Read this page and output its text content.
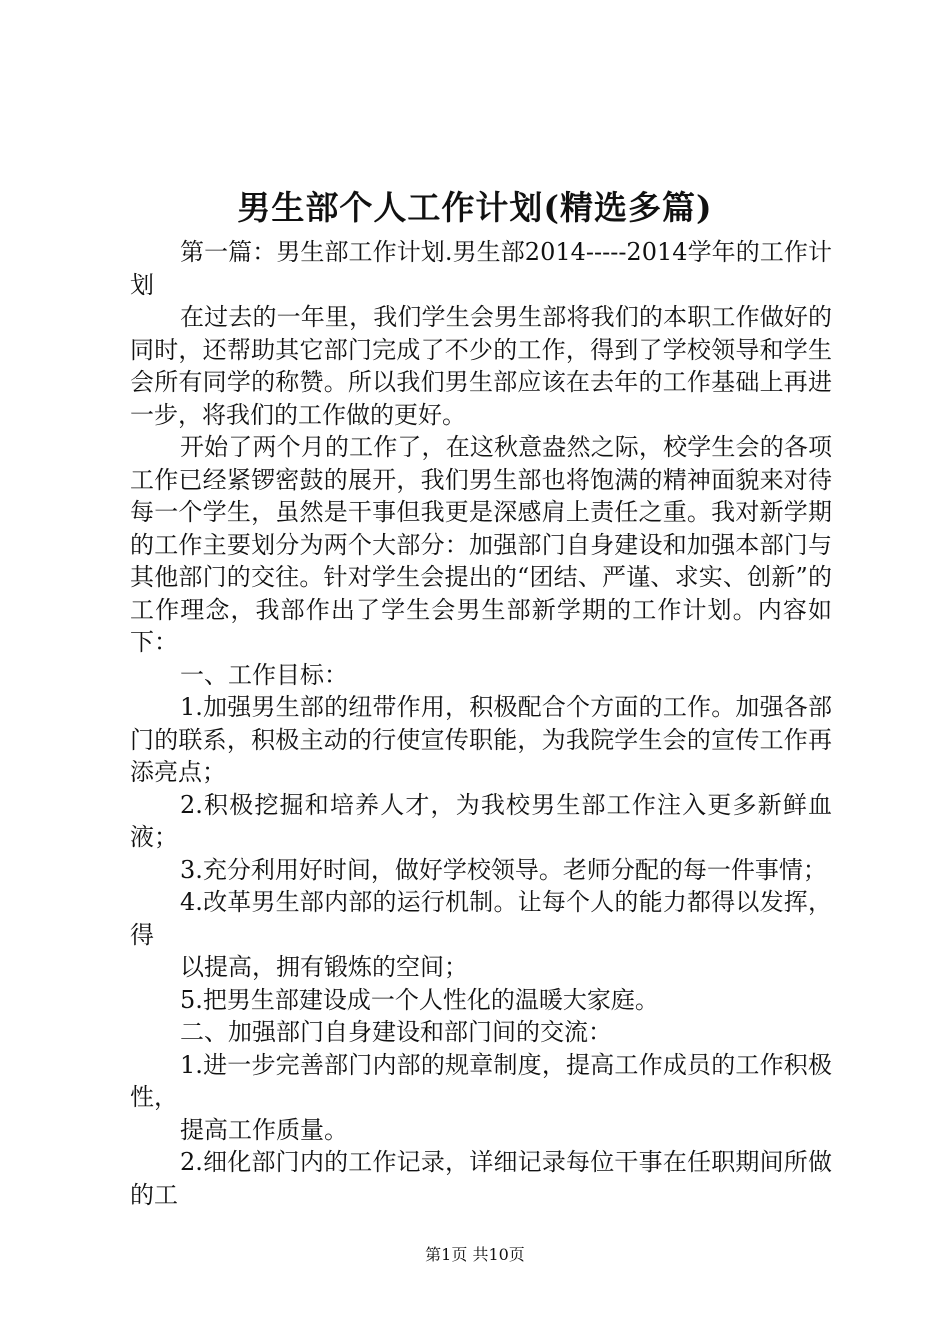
男生部个人工作计划(精选多篇)

第一篇：男生部工作计划.男生部2014-----2014学年的工作计划

在过去的一年里，我们学生会男生部将我们的本职工作做好的同时，还帮助其它部门完成了不少的工作，得到了学校领导和学生会所有同学的称赞。所以我们男生部应该在去年的工作基础上再进一步，将我们的工作做的更好。

开始了两个月的工作了，在这秋意盎然之际，校学生会的各项工作已经紧锣密鼓的展开，我们男生部也将饱满的精神面貌来对待每一个学生，虽然是干事但我更是深感肩上责任之重。我对新学期的工作主要划分为两个大部分：加强部门自身建设和加强本部门与其他部门的交往。针对学生会提出的“团结、严谨、求实、创新”的工作理念，我部作出了学生会男生部新学期的工作计划。内容如下：

一、工作目标：

1.加强男生部的纽带作用，积极配合个方面的工作。加强各部门的联系，积极主动的行使宣传职能，为我院学生会的宣传工作再添亮点；

2.积极挖掘和培养人才，为我校男生部工作注入更多新鲜血液；

3.充分利用好时间，做好学校领导。老师分配的每一件事情；

4.改革男生部内部的运行机制。让每个人的能力都得以发挥，得

以提高，拥有锻炼的空间；

5.把男生部建设成一个人性化的温暖大家庭。

二、加强部门自身建设和部门间的交流：

1.进一步完善部门内部的规章制度，提高工作成员的工作积极性，

提高工作质量。

2.细化部门内的工作记录，详细记录每位干事在任职期间所做的工

第1页 共10页
